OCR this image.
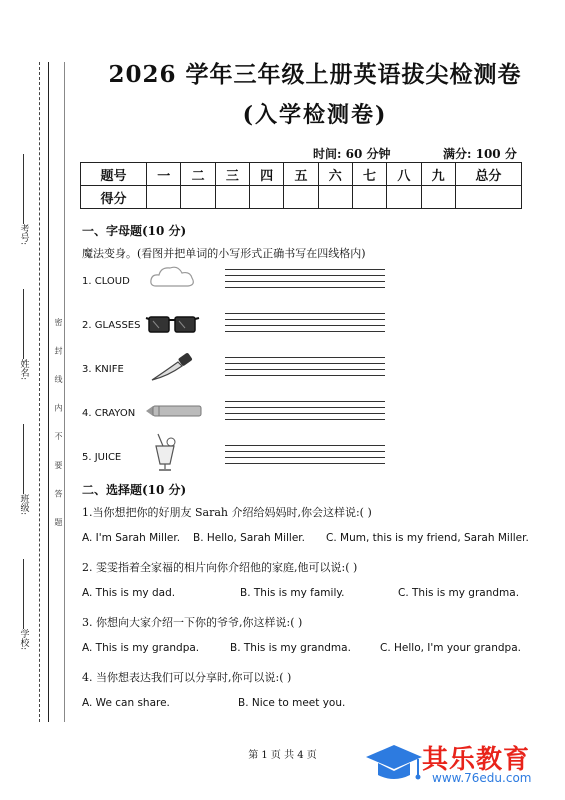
考号:
姓名:
班级:
学校:
密 封 线 内 不 要 答 题
2026 学年三年级上册英语拔尖检测卷
(入学检测卷)
时间: 60 分钟	满分: 100 分
题号	一	二	三	四	五	六	七	八	九	总分
得分										
一、字母题(10 分)
魔法变身。(看图并把单词的小写形式正确书写在四线格内)
1. CLOUD
2. GLASSES
3. KNIFE
4. CRAYON
5. JUICE
二、选择题(10 分)
1.当你想把你的好朋友 Sarah 介绍给妈妈时,你会这样说:( )
A. I'm Sarah Miller. B. Hello, Sarah Miller. C. Mum, this is my friend, Sarah Miller.
2. 雯雯指着全家福的相片向你介绍他的家庭,他可以说:( )
A. This is my dad.	B. This is my family.	C. This is my grandma.
3. 你想向大家介绍一下你的爷爷,你这样说:( )
A. This is my grandpa.	B. This is my grandma.	C. Hello, I'm your grandpa.
4. 当你想表达我们可以分享时,你可以说:( )
A. We can share.	B. Nice to meet you.
第 1 页 共 4 页	其乐教育
www.76edu.com
